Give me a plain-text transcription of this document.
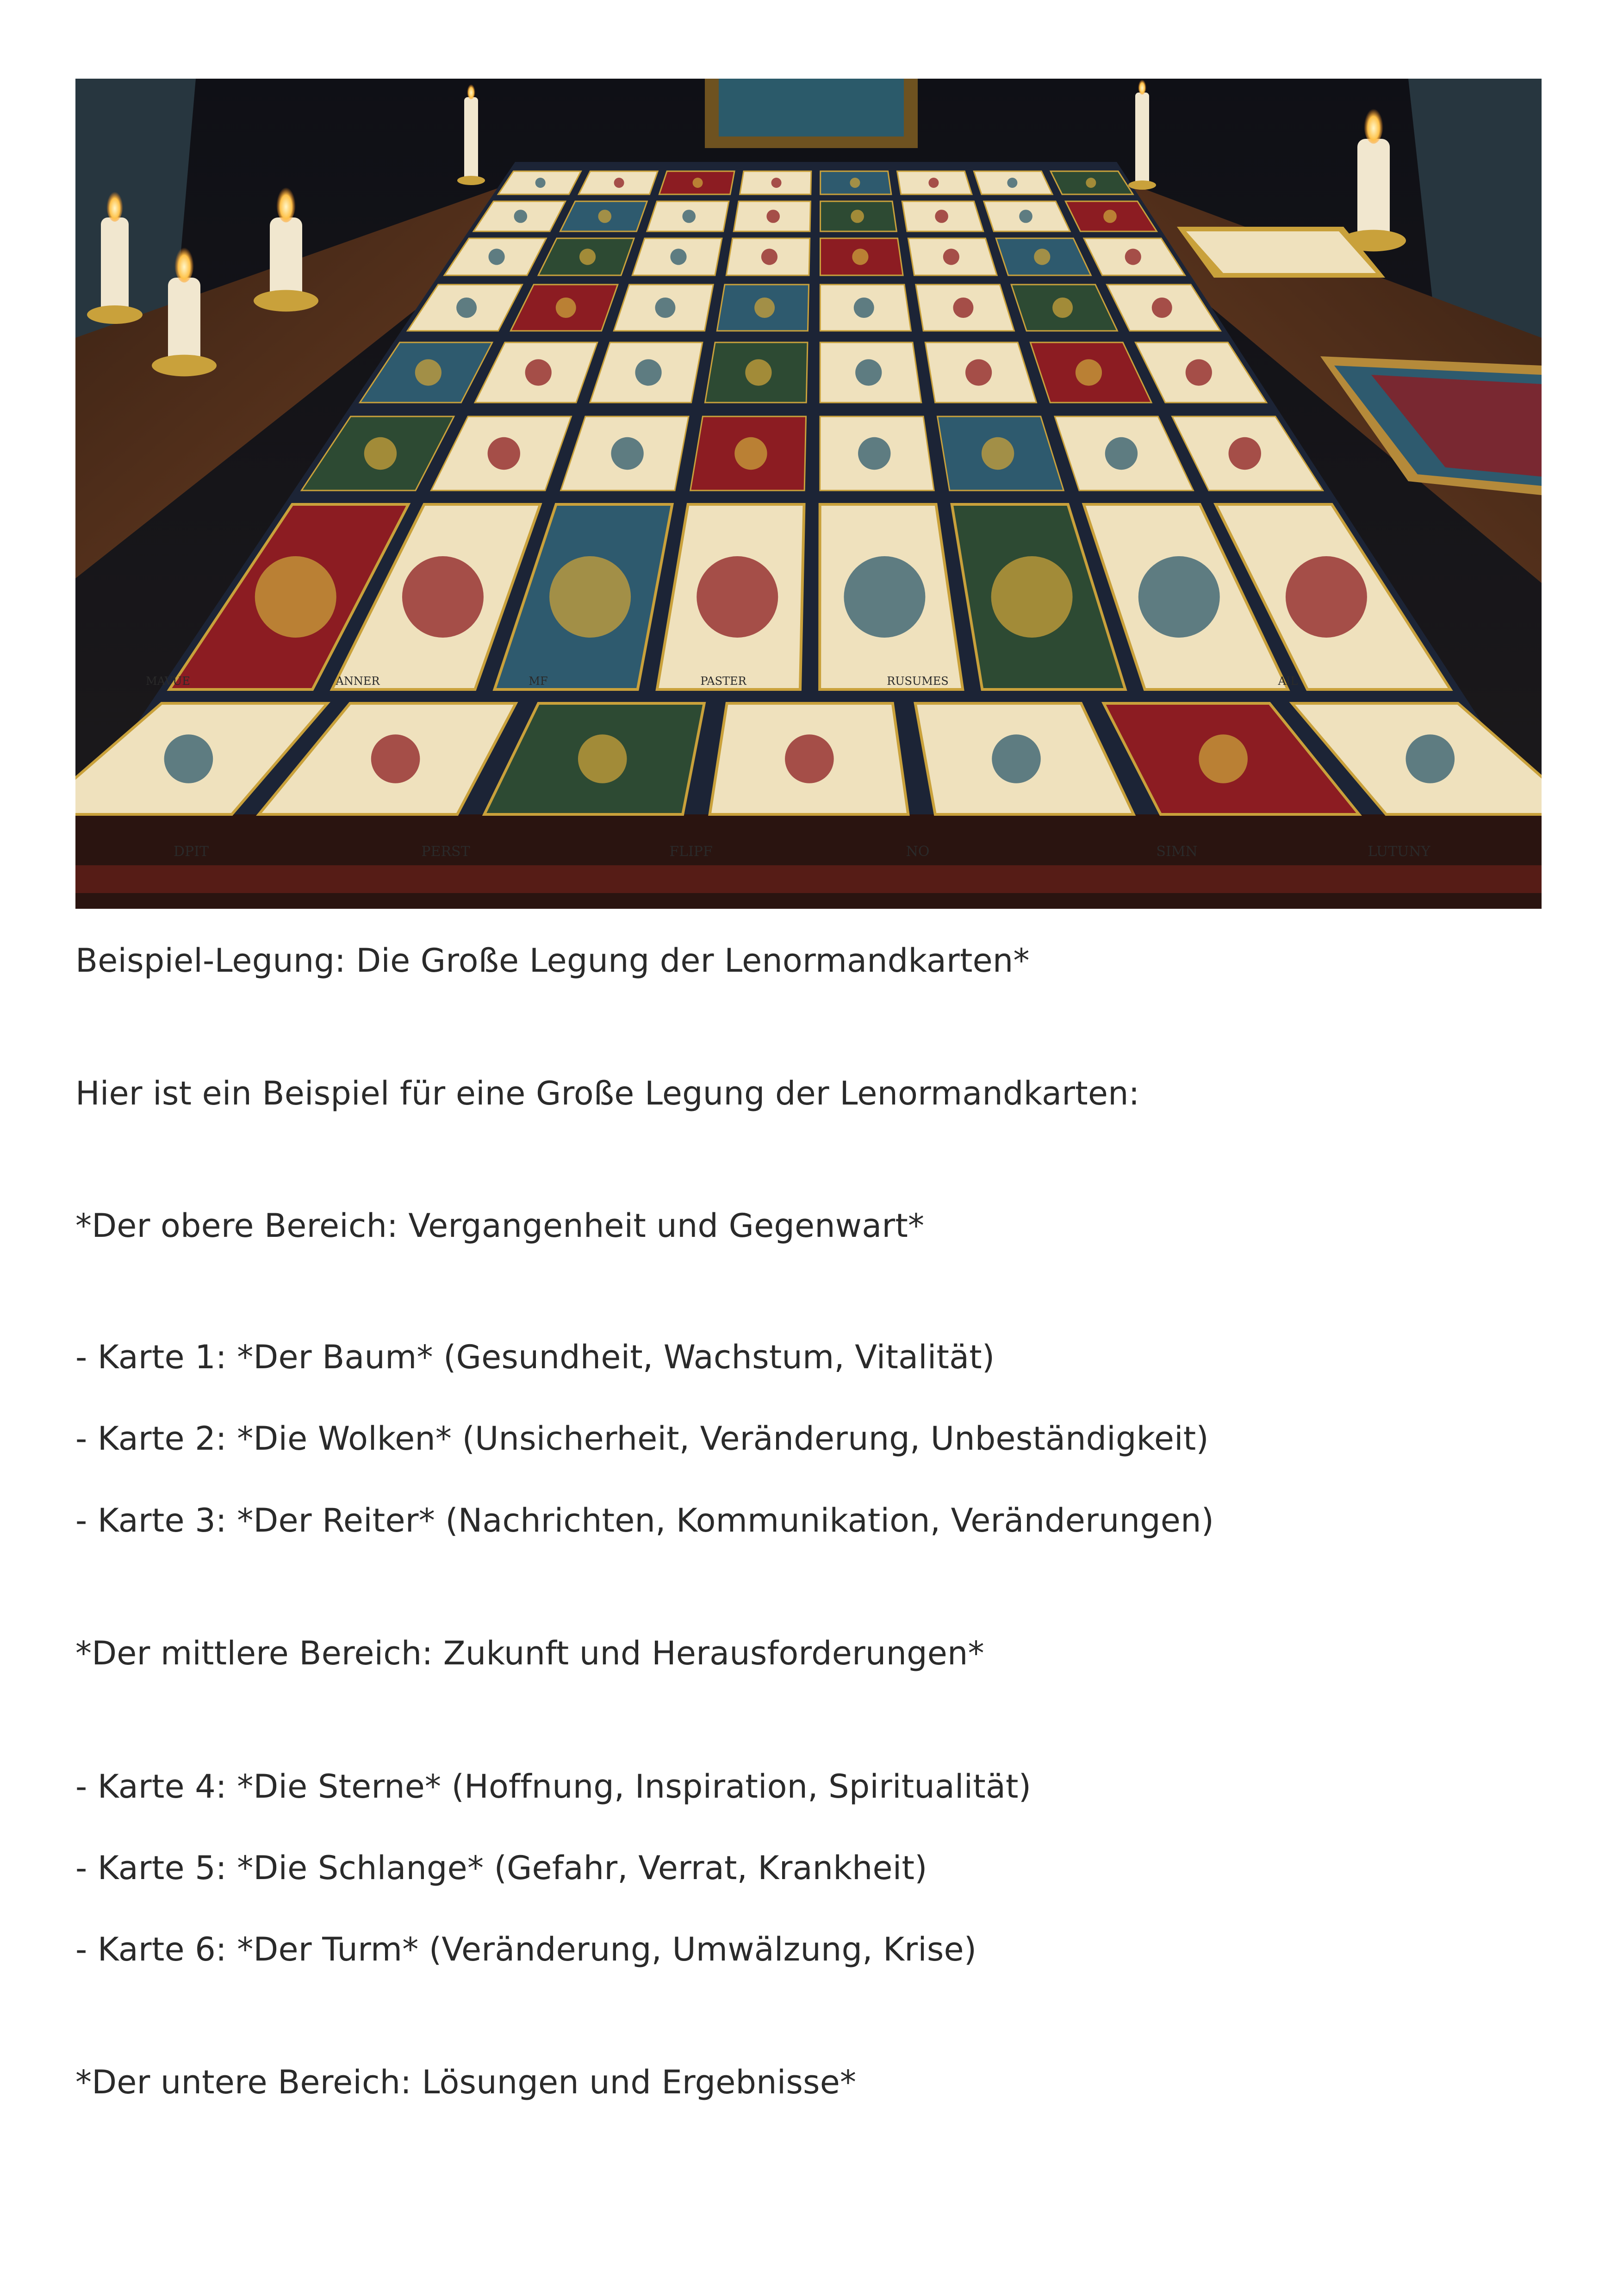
DPIT	PERST	FLIPF	NO	SIMN	LUTUNY
MAVUE	ANNER	MF	PASTER	RUSUMES	AIL
Beispiel-Legung: Die Große Legung der Lenormandkarten*
Hier ist ein Beispiel für eine Große Legung der Lenormandkarten:
*Der obere Bereich: Vergangenheit und Gegenwart*
- Karte 1: *Der Baum* (Gesundheit, Wachstum, Vitalität)
- Karte 2: *Die Wolken* (Unsicherheit, Veränderung, Unbeständigkeit)
- Karte 3: *Der Reiter* (Nachrichten, Kommunikation, Veränderungen)
*Der mittlere Bereich: Zukunft und Herausforderungen*
- Karte 4: *Die Sterne* (Hoffnung, Inspiration, Spiritualität)
- Karte 5: *Die Schlange* (Gefahr, Verrat, Krankheit)
- Karte 6: *Der Turm* (Veränderung, Umwälzung, Krise)
*Der untere Bereich: Lösungen und Ergebnisse*
